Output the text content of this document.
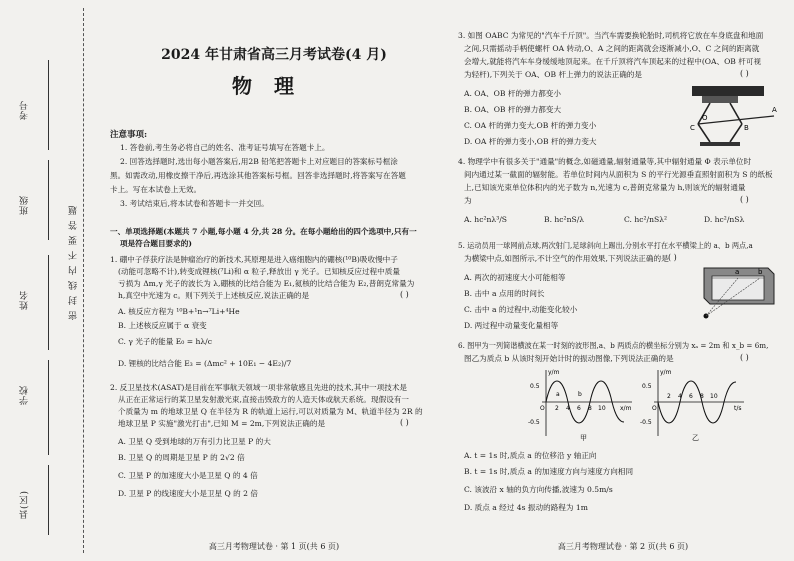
考号
班级
姓名
学校
县(区)
密封线内不要答题
2024 年甘肃省高三月考试卷(4 月)
物理
注意事项:
1. 答卷前,考生务必将自己的姓名、准考证号填写在答题卡上。
2. 回答选择题时,选出每小题答案后,用2B 铅笔把答题卡上对应题目的答案标号框涂
黑。如需改动,用橡皮擦干净后,再选涂其他答案标号框。回答非选择题时,将答案写在答题
卡上。写在本试卷上无效。
3. 考试结束后,将本试卷和答题卡一并交回。
一、单项选择题(本题共 7 小题,每小题 4 分,共 28 分。在每小题给出的四个选项中,只有一
项是符合题目要求的)
1. 硼中子俘获疗法是肿瘤治疗的新技术,其原理是进入癌细胞内的硼核(¹⁰B)吸收慢中子
(动能可忽略不计),转变成锂核(⁷Li)和 α 粒子,释放出 γ 光子。已知核反应过程中质量
亏损为 Δm,γ 光子的波长为 λ,硼核的比结合能为 E₁,氦核的比结合能为 E₂,普朗克常量为
h,真空中光速为 c。则下列关于上述核反应,说法正确的是	( )
A. 核反应方程为 ¹⁰B+¹n→⁷Li+⁴He
B. 上述核反应属于 α 衰变
C. γ 光子的能量 E₀ = hλ/c
D. 锂核的比结合能 E₃ = (Δmc² + 10E₁ − 4E₂)/7
2. 反卫星技术(ASAT)是目前在军事航天领域一项非常敏感且先进的技术,其中一项技术是
从正在正常运行的某卫星发射激光束,直接击毁敌方的人造天体或航天系统。现假设有一
个质量为 m 的地球卫星 Q 在半径为 R 的轨道上运行,可以对质量为 M、轨道半径为 2R 的
地球卫星 P 实施"激光打击",已知 M = 2m,下列说法正确的是	( )
A. 卫星 Q 受到地球的万有引力比卫星 P 的大
B. 卫星 Q 的周期是卫星 P 的 2√2 倍
C. 卫星 P 的加速度大小是卫星 Q 的 4 倍
D. 卫星 P 的线速度大小是卫星 Q 的 2 倍
高三月考物理试卷 · 第 1 页(共 6 页)
3. 如图 OABC 为常见的"汽车千斤顶"。当汽车需要换轮胎时,司机将它放在车身底盘和地面
之间,只需摇动手柄使螺杆 OA 转动,O、A 之间的距离就会逐渐减小,O、C 之间的距离就
会增大,就能将汽车车身缓缓地顶起来。在千斤顶将汽车顶起来的过程中(OA、OB 杆可视
为轻杆),下列关于 OA、OB 杆上弹力的说法正确的是	( )
A. OA、OB 杆的弹力都变小
B. OA、OB 杆的弹力都变大
C. OA 杆的弹力变大,OB 杆的弹力变小
D. OA 杆的弹力变小,OB 杆的弹力变大
C	B
A
O
4. 物理学中有很多关于"通量"的概念,如磁通量,辐射通量等,其中辐射通量 Φ 表示单位时
间内通过某一截面的辐射能。若单位时间内从面积为 S 的平行光源垂直照射面积为 S 的纸板
上,已知该光束单位体积内的光子数为 n,光速为 c,普朗克常量为 h,则该光的辐射通量
为	( )
A. hc²nλ³/S	B. hc²nS/λ	C. hc²/nSλ²	D. hc²/nSλ
5. 运动员用一球网前点球,两次射门,足球斜向上踢出,分别水平打在水平横梁上的 a、b 两点,a
为横梁中点,如图所示,不计空气的作用效果,下列说法正确的是 ( )
A. 两次的初速度大小可能相等
B. 击中 a 点用的时间长
C. 击中 a 的过程中,动能变化较小
D. 两过程中动量变化量相等
a	b
6. 图甲为一列简谐横波在某一时刻的波形图,a、b 两质点的横坐标分别为 xₐ = 2m 和 x_b = 6m,
图乙为质点 b 从该时刻开始计时的振动图像,下列说法正确的是	( )
y/m
x/m
O
0.5
-0.5
2 4 6 8 10
a	b
甲
y/m
t/s
O
0.5
-0.5
2 4 6 8 10
乙
A. t = 1s 时,质点 a 的位移沿 y 轴正向
B. t = 1s 时,质点 a 的加速度方向与速度方向相同
C. 该波沿 x 轴的负方向传播,波速为 0.5m/s
D. 质点 a 经过 4s 振动的路程为 1m
高三月考物理试卷 · 第 2 页(共 6 页)
